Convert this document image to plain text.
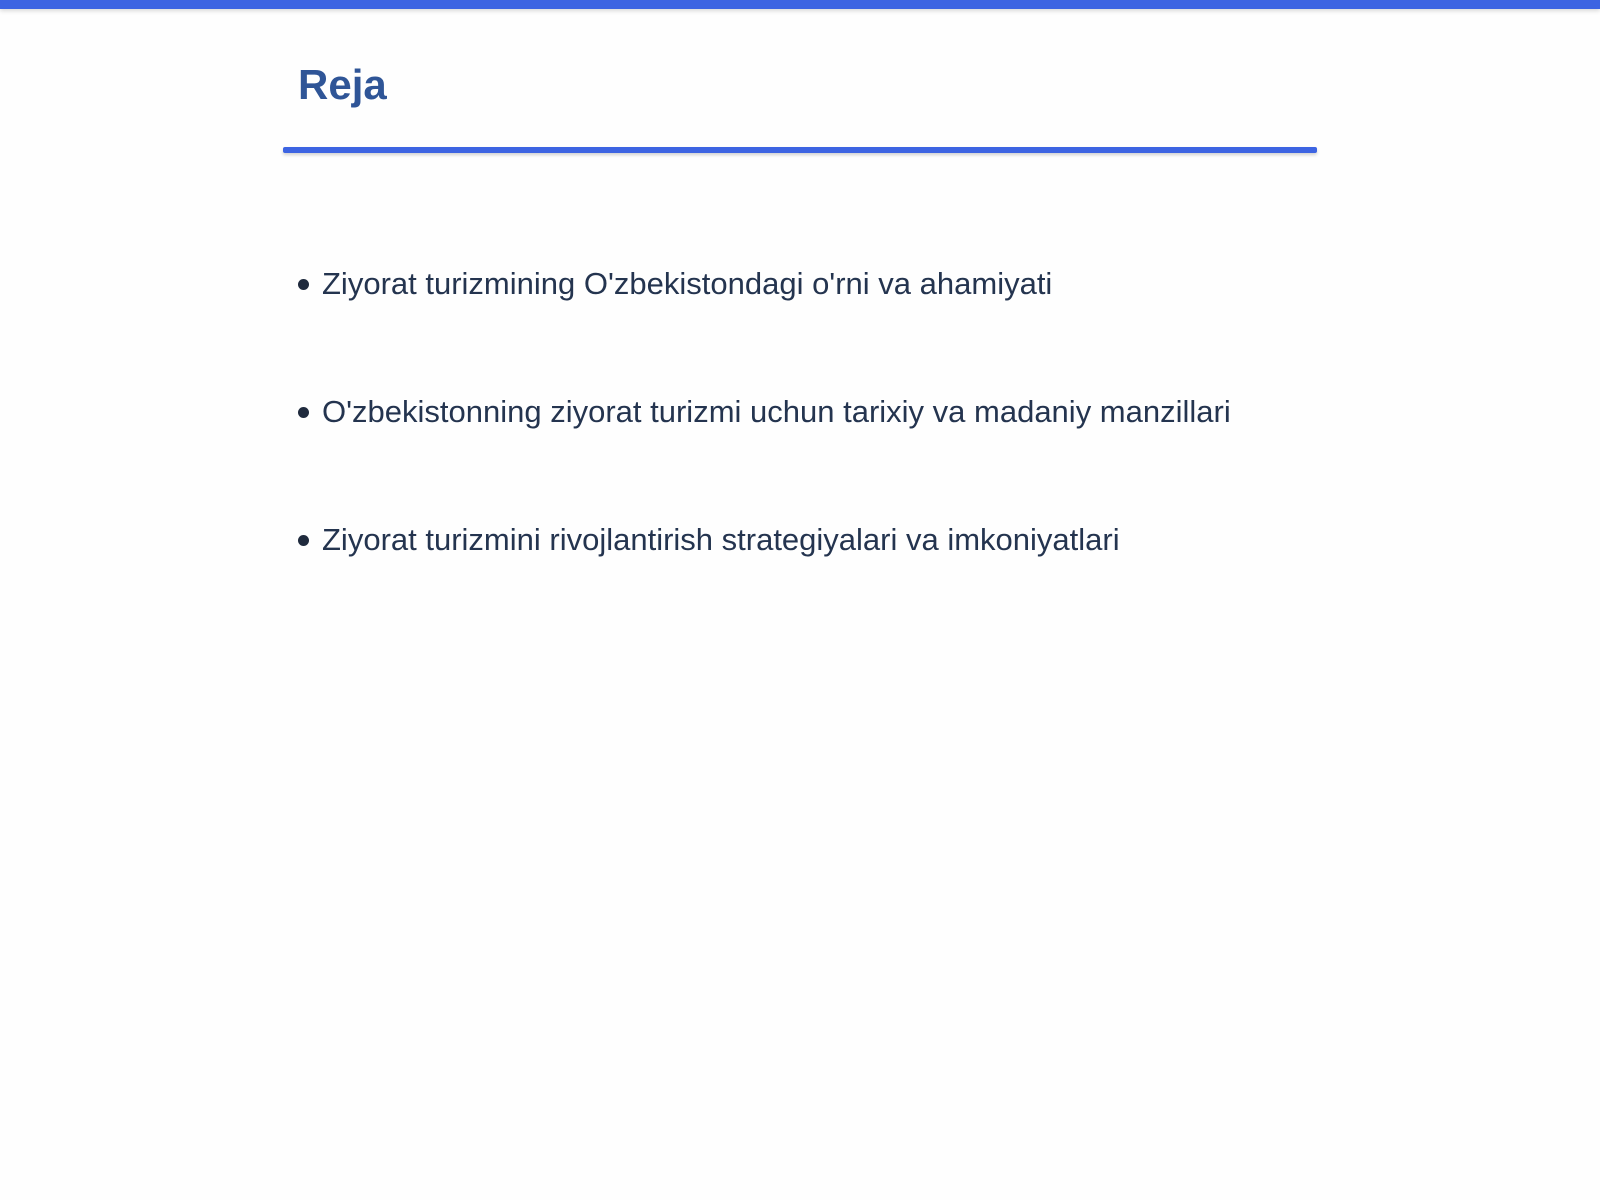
Reja
Ziyorat turizmining O'zbekistondagi o'rni va ahamiyati
O'zbekistonning ziyorat turizmi uchun tarixiy va madaniy manzillari
Ziyorat turizmini rivojlantirish strategiyalari va imkoniyatlari
